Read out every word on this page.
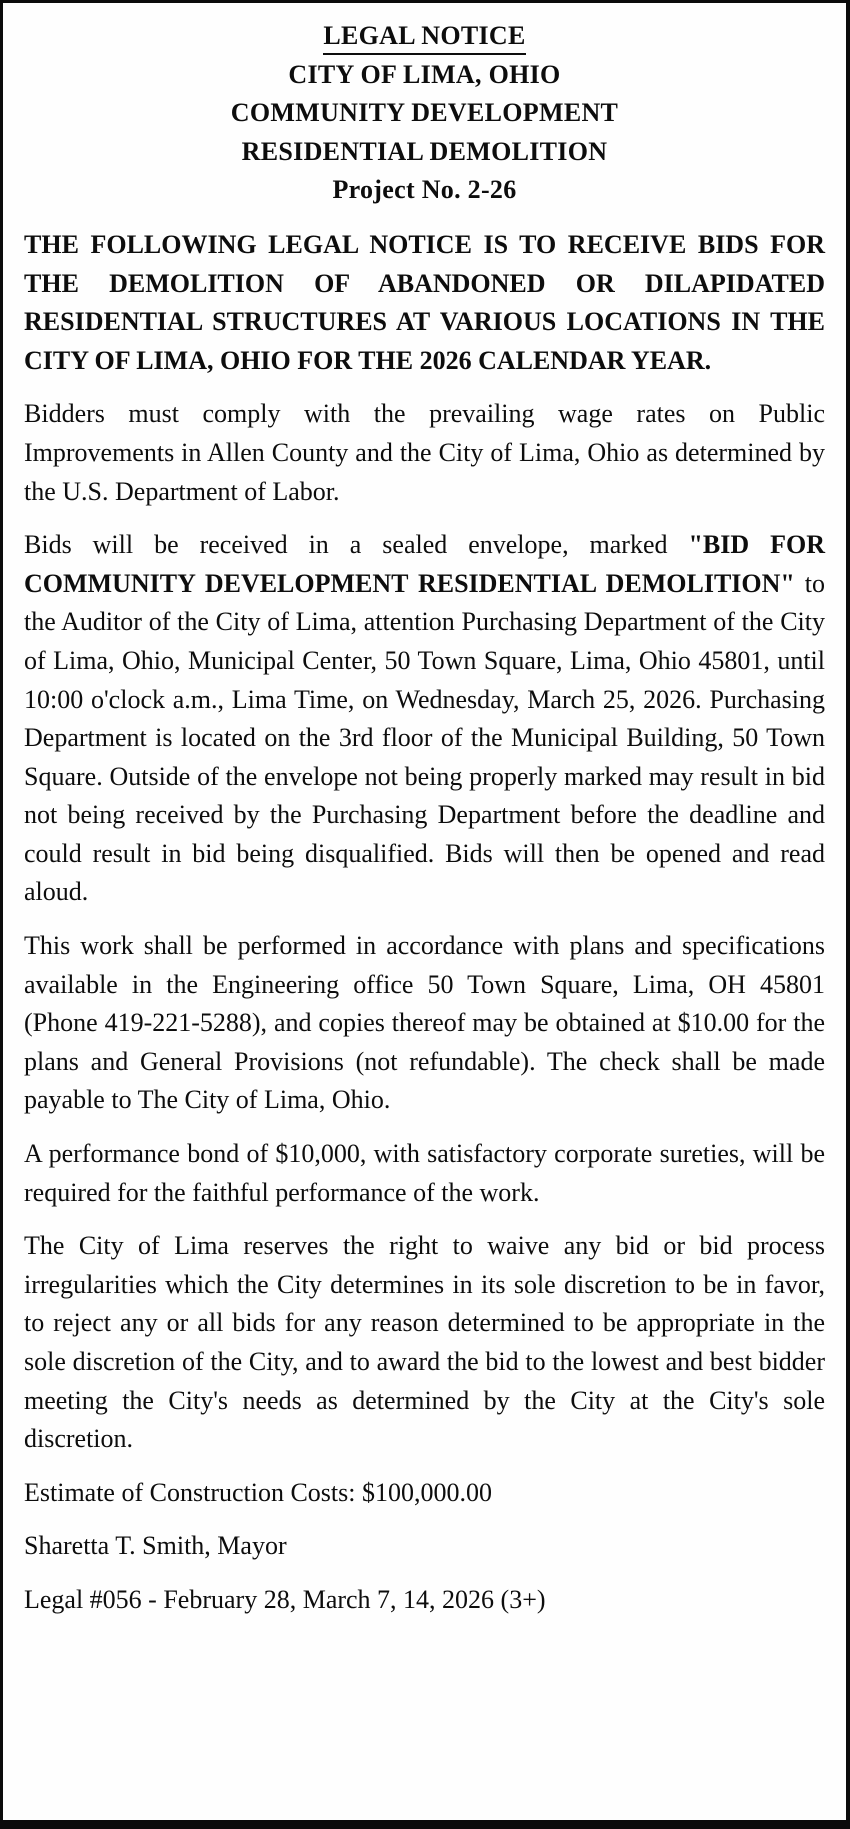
LEGAL NOTICE
CITY OF LIMA, OHIO
COMMUNITY DEVELOPMENT
RESIDENTIAL DEMOLITION
Project No. 2-26

THE FOLLOWING LEGAL NOTICE IS TO RECEIVE BIDS FOR THE DEMOLITION OF ABANDONED OR DILAPIDATED RESIDENTIAL STRUCTURES AT VARIOUS LOCATIONS IN THE CITY OF LIMA, OHIO FOR THE 2026 CALENDAR YEAR.

Bidders must comply with the prevailing wage rates on Public Improvements in Allen County and the City of Lima, Ohio as determined by the U.S. Department of Labor.

Bids will be received in a sealed envelope, marked "BID FOR COMMUNITY DEVELOPMENT RESIDENTIAL DEMOLITION" to the Auditor of the City of Lima, attention Purchasing Department of the City of Lima, Ohio, Municipal Center, 50 Town Square, Lima, Ohio 45801, until 10:00 o'clock a.m., Lima Time, on Wednesday, March 25, 2026. Purchasing Department is located on the 3rd floor of the Municipal Building, 50 Town Square. Outside of the envelope not being properly marked may result in bid not being received by the Purchasing Department before the deadline and could result in bid being disqualified. Bids will then be opened and read aloud.

This work shall be performed in accordance with plans and specifications available in the Engineering office 50 Town Square, Lima, OH 45801 (Phone 419-221-5288), and copies thereof may be obtained at $10.00 for the plans and General Provisions (not refundable). The check shall be made payable to The City of Lima, Ohio.

A performance bond of $10,000, with satisfactory corporate sureties, will be required for the faithful performance of the work.

The City of Lima reserves the right to waive any bid or bid process irregularities which the City determines in its sole discretion to be in favor, to reject any or all bids for any reason determined to be appropriate in the sole discretion of the City, and to award the bid to the lowest and best bidder meeting the City's needs as determined by the City at the City's sole discretion.

Estimate of Construction Costs: $100,000.00

Sharetta T. Smith, Mayor

Legal #056 - February 28, March 7, 14, 2026 (3+)
